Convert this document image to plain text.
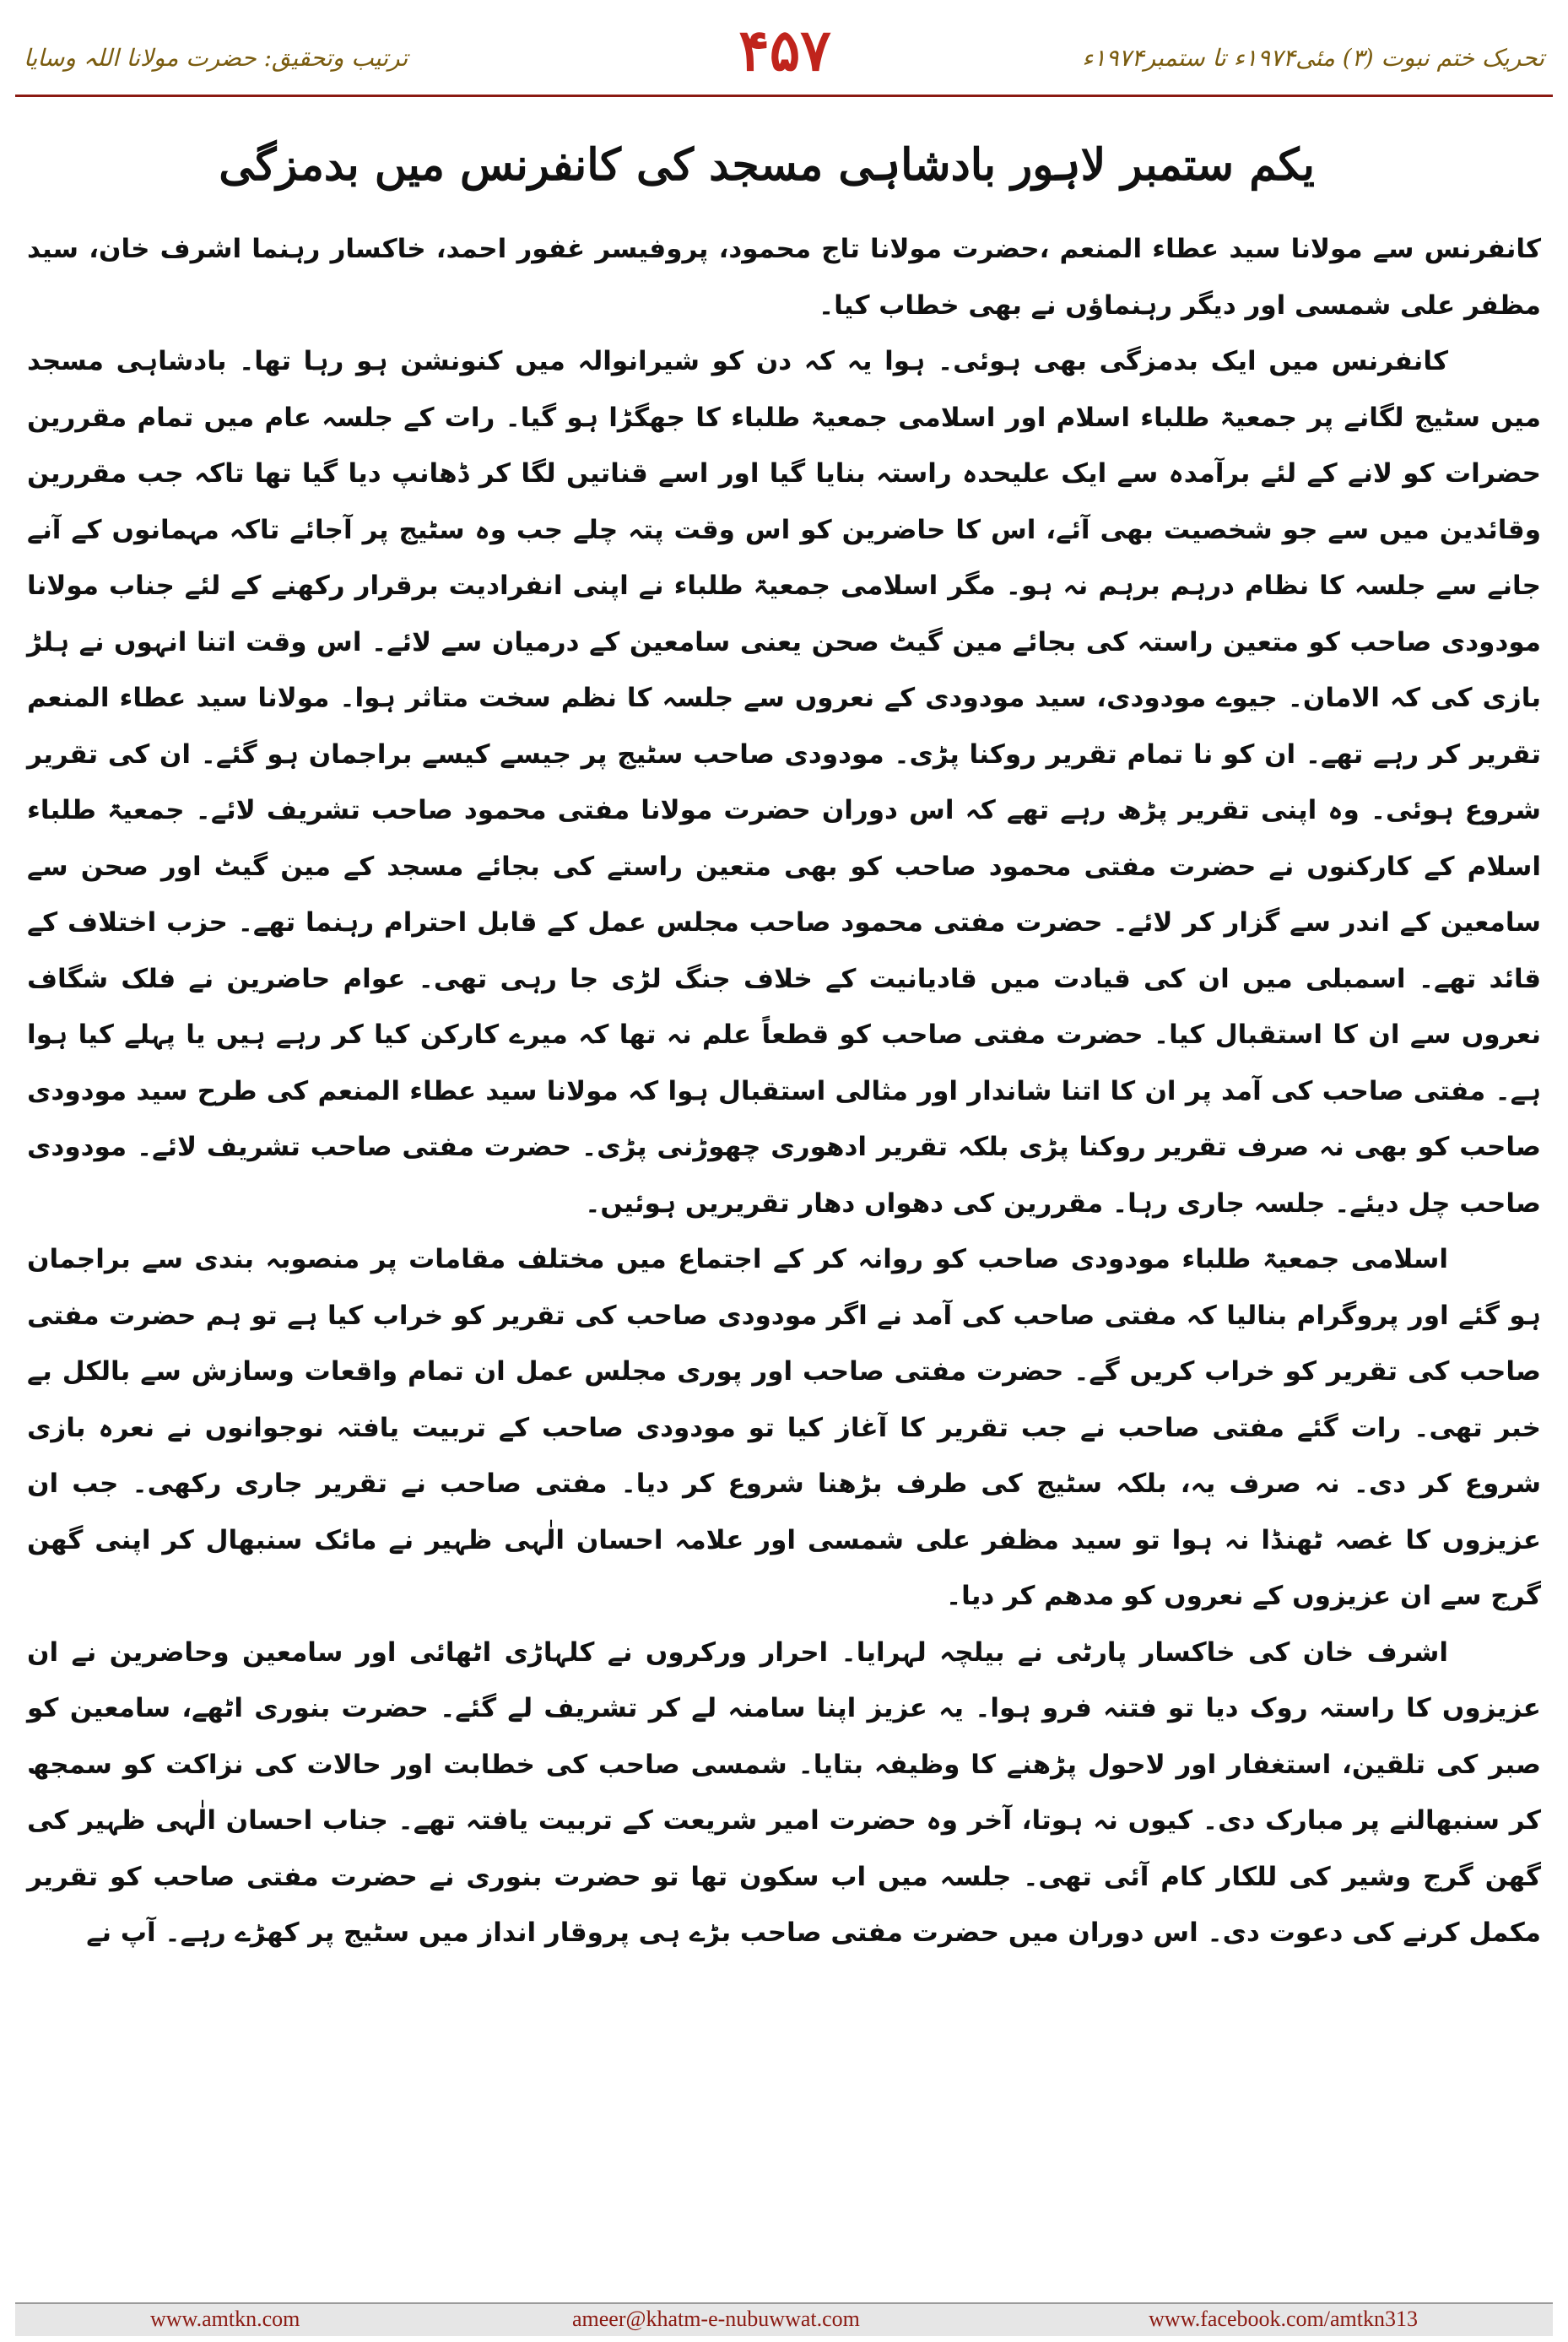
ترتیب وتحقیق: حضرت مولانا اللہ وسایا	۴۵۷	تحریک ختم نبوت (۳) مئی۱۹۷۴ء تا ستمبر۱۹۷۴ء
یکم ستمبر لاہور بادشاہی مسجد کی کانفرنس میں بدمزگی

کانفرنس سے مولانا سید عطاء المنعم ،حضرت مولانا تاج محمود، پروفیسر غفور احمد، خاکسار رہنما اشرف خان، سید مظفر علی شمسی اور دیگر رہنماؤں نے بھی خطاب کیا۔

کانفرنس میں ایک بدمزگی بھی ہوئی۔ ہوا یہ کہ دن کو شیرانوالہ میں کنونشن ہو رہا تھا۔ بادشاہی مسجد میں سٹیج لگانے پر جمعیۃ طلباء اسلام اور اسلامی جمعیۃ طلباء کا جھگڑا ہو گیا۔ رات کے جلسہ عام میں تمام مقررین حضرات کو لانے کے لئے برآمدہ سے ایک علیحدہ راستہ بنایا گیا اور اسے قناتیں لگا کر ڈھانپ دیا گیا تھا تاکہ جب مقررین وقائدین میں سے جو شخصیت بھی آئے، اس کا حاضرین کو اس وقت پتہ چلے جب وہ سٹیج پر آجائے تاکہ مہمانوں کے آنے جانے سے جلسہ کا نظام درہم برہم نہ ہو۔ مگر اسلامی جمعیۃ طلباء نے اپنی انفرادیت برقرار رکھنے کے لئے جناب مولانا مودودی صاحب کو متعین راستہ کی بجائے مین گیٹ صحن یعنی سامعین کے درمیان سے لائے۔ اس وقت اتنا انہوں نے ہلڑ بازی کی کہ الامان۔ جیوے مودودی، سید مودودی کے نعروں سے جلسہ کا نظم سخت متاثر ہوا۔ مولانا سید عطاء المنعم تقریر کر رہے تھے۔ ان کو نا تمام تقریر روکنا پڑی۔ مودودی صاحب سٹیج پر جیسے کیسے براجمان ہو گئے۔ ان کی تقریر شروع ہوئی۔ وہ اپنی تقریر پڑھ رہے تھے کہ اس دوران حضرت مولانا مفتی محمود صاحب تشریف لائے۔ جمعیۃ طلباء اسلام کے کارکنوں نے حضرت مفتی محمود صاحب کو بھی متعین راستے کی بجائے مسجد کے مین گیٹ اور صحن سے سامعین کے اندر سے گزار کر لائے۔ حضرت مفتی محمود صاحب مجلس عمل کے قابل احترام رہنما تھے۔ حزب اختلاف کے قائد تھے۔ اسمبلی میں ان کی قیادت میں قادیانیت کے خلاف جنگ لڑی جا رہی تھی۔ عوام حاضرین نے فلک شگاف نعروں سے ان کا استقبال کیا۔ حضرت مفتی صاحب کو قطعاً علم نہ تھا کہ میرے کارکن کیا کر رہے ہیں یا پہلے کیا ہوا ہے۔ مفتی صاحب کی آمد پر ان کا اتنا شاندار اور مثالی استقبال ہوا کہ مولانا سید عطاء المنعم کی طرح سید مودودی صاحب کو بھی نہ صرف تقریر روکنا پڑی بلکہ تقریر ادھوری چھوڑنی پڑی۔ حضرت مفتی صاحب تشریف لائے۔ مودودی صاحب چل دیئے۔ جلسہ جاری رہا۔ مقررین کی دھواں دھار تقریریں ہوئیں۔

اسلامی جمعیۃ طلباء مودودی صاحب کو روانہ کر کے اجتماع میں مختلف مقامات پر منصوبہ بندی سے براجمان ہو گئے اور پروگرام بنالیا کہ مفتی صاحب کی آمد نے اگر مودودی صاحب کی تقریر کو خراب کیا ہے تو ہم حضرت مفتی صاحب کی تقریر کو خراب کریں گے۔ حضرت مفتی صاحب اور پوری مجلس عمل ان تمام واقعات وسازش سے بالکل بے خبر تھی۔ رات گئے مفتی صاحب نے جب تقریر کا آغاز کیا تو مودودی صاحب کے تربیت یافتہ نوجوانوں نے نعرہ بازی شروع کر دی۔ نہ صرف یہ، بلکہ سٹیج کی طرف بڑھنا شروع کر دیا۔ مفتی صاحب نے تقریر جاری رکھی۔ جب ان عزیزوں کا غصہ ٹھنڈا نہ ہوا تو سید مظفر علی شمسی اور علامہ احسان الٰہی ظہیر نے مائک سنبھال کر اپنی گھن گرج سے ان عزیزوں کے نعروں کو مدھم کر دیا۔

اشرف خان کی خاکسار پارٹی نے بیلچہ لہرایا۔ احرار ورکروں نے کلہاڑی اٹھائی اور سامعین وحاضرین نے ان عزیزوں کا راستہ روک دیا تو فتنہ فرو ہوا۔ یہ عزیز اپنا سامنہ لے کر تشریف لے گئے۔ حضرت بنوری اٹھے، سامعین کو صبر کی تلقین، استغفار اور لاحول پڑھنے کا وظیفہ بتایا۔ شمسی صاحب کی خطابت اور حالات کی نزاکت کو سمجھ کر سنبھالنے پر مبارک دی۔ کیوں نہ ہوتا، آخر وہ حضرت امیر شریعت کے تربیت یافتہ تھے۔ جناب احسان الٰہی ظہیر کی گھن گرج وشیر کی للکار کام آئی تھی۔ جلسہ میں اب سکون تھا تو حضرت بنوری نے حضرت مفتی صاحب کو تقریر مکمل کرنے کی دعوت دی۔ اس دوران میں حضرت مفتی صاحب بڑے ہی پروقار انداز میں سٹیج پر کھڑے رہے۔ آپ نے

www.amtkn.com	ameer@khatm-e-nubuwwat.com	www.facebook.com/amtkn313
